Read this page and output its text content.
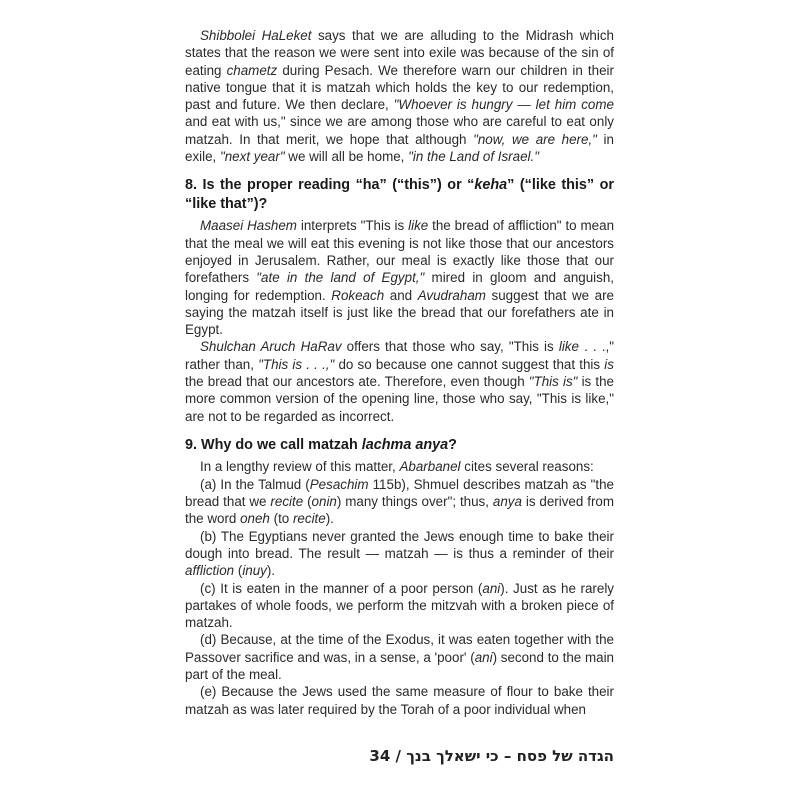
Shibbolei HaLeket says that we are alluding to the Midrash which states that the reason we were sent into exile was because of the sin of eating chametz during Pesach. We therefore warn our children in their native tongue that it is matzah which holds the key to our redemption, past and future. We then declare, "Whoever is hungry — let him come and eat with us," since we are among those who are careful to eat only matzah. In that merit, we hope that although "now, we are here," in exile, "next year" we will all be home, "in the Land of Israel."

8. Is the proper reading “ha” (“this”) or “keha” (“like this” or “like that”)?

Maasei Hashem interprets "This is like the bread of affliction" to mean that the meal we will eat this evening is not like those that our ancestors enjoyed in Jerusalem. Rather, our meal is exactly like those that our forefathers "ate in the land of Egypt," mired in gloom and anguish, longing for redemption. Rokeach and Avudraham suggest that we are saying the matzah itself is just like the bread that our forefathers ate in Egypt.

Shulchan Aruch HaRav offers that those who say, "This is like . . .," rather than, "This is . . .," do so because one cannot suggest that this is the bread that our ancestors ate. Therefore, even though "This is" is the more common version of the opening line, those who say, "This is like," are not to be regarded as incorrect.

9. Why do we call matzah lachma anya?

In a lengthy review of this matter, Abarbanel cites several reasons:

(a) In the Talmud (Pesachim 115b), Shmuel describes matzah as "the bread that we recite (onin) many things over"; thus, anya is derived from the word oneh (to recite).

(b) The Egyptians never granted the Jews enough time to bake their dough into bread. The result — matzah — is thus a reminder of their affliction (inuy).

(c) It is eaten in the manner of a poor person (ani). Just as he rarely partakes of whole foods, we perform the mitzvah with a broken piece of matzah.

(d) Because, at the time of the Exodus, it was eaten together with the Passover sacrifice and was, in a sense, a 'poor' (ani) second to the main part of the meal.

(e) Because the Jews used the same measure of flour to bake their matzah as was later required by the Torah of a poor individual when

הגדה של פסח – כי ישאלך בנך / 34
